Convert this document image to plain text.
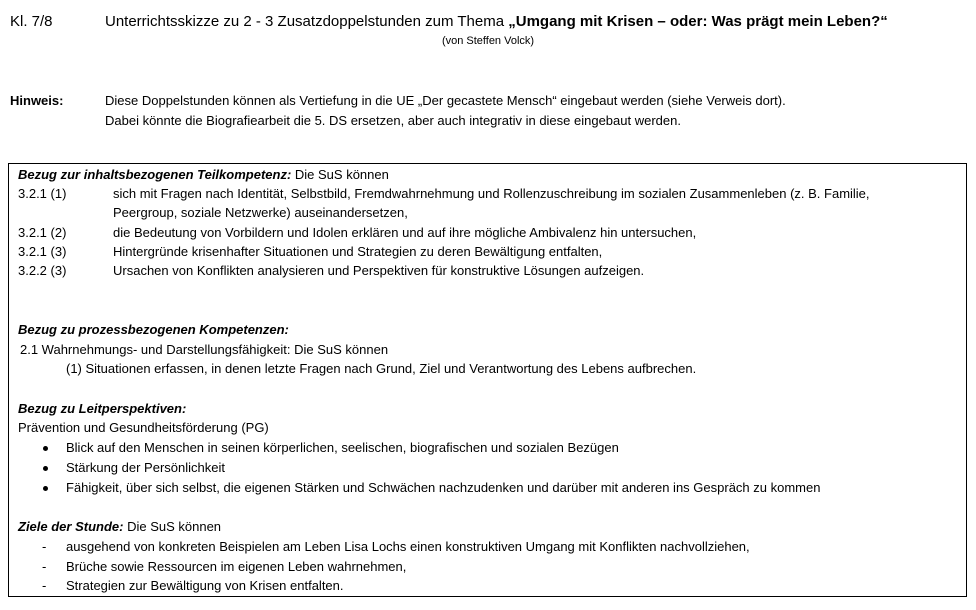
Kl. 7/8	Unterrichtsskizze zu 2 - 3 Zusatzdoppelstunden zum Thema „Umgang mit Krisen – oder: Was prägt mein Leben?“
(von Steffen Volck)
Hinweis:	Diese Doppelstunden können als Vertiefung in die UE „Der gecastete Mensch“ eingebaut werden (siehe Verweis dort).
Dabei könnte die Biografiearbeit die 5. DS ersetzen, aber auch integrativ in diese eingebaut werden.
Bezug zur inhaltsbezogenen Teilkompetenz: Die SuS können
3.2.1 (1)	sich mit Fragen nach Identität, Selbstbild, Fremdwahrnehmung und Rollenzuschreibung im sozialen Zusammenleben (z. B. Familie,
Peergroup, soziale Netzwerke) auseinandersetzen,
3.2.1 (2)	die Bedeutung von Vorbildern und Idolen erklären und auf ihre mögliche Ambivalenz hin untersuchen,
3.2.1 (3)	Hintergründe krisenhafter Situationen und Strategien zu deren Bewältigung entfalten,
3.2.2 (3)	Ursachen von Konflikten analysieren und Perspektiven für konstruktive Lösungen aufzeigen.
Bezug zu prozessbezogenen Kompetenzen:
2.1 Wahrnehmungs- und Darstellungsfähigkeit: Die SuS können
(1) Situationen erfassen, in denen letzte Fragen nach Grund, Ziel und Verantwortung des Lebens aufbrechen.
Bezug zu Leitperspektiven:
Prävention und Gesundheitsförderung (PG)
Blick auf den Menschen in seinen körperlichen, seelischen, biografischen und sozialen Bezügen
Stärkung der Persönlichkeit
Fähigkeit, über sich selbst, die eigenen Stärken und Schwächen nachzudenken und darüber mit anderen ins Gespräch zu kommen
Ziele der Stunde: Die SuS können
- ausgehend von konkreten Beispielen am Leben Lisa Lochs einen konstruktiven Umgang mit Konflikten nachvollziehen,
- Brüche sowie Ressourcen im eigenen Leben wahrnehmen,
- Strategien zur Bewältigung von Krisen entfalten.
